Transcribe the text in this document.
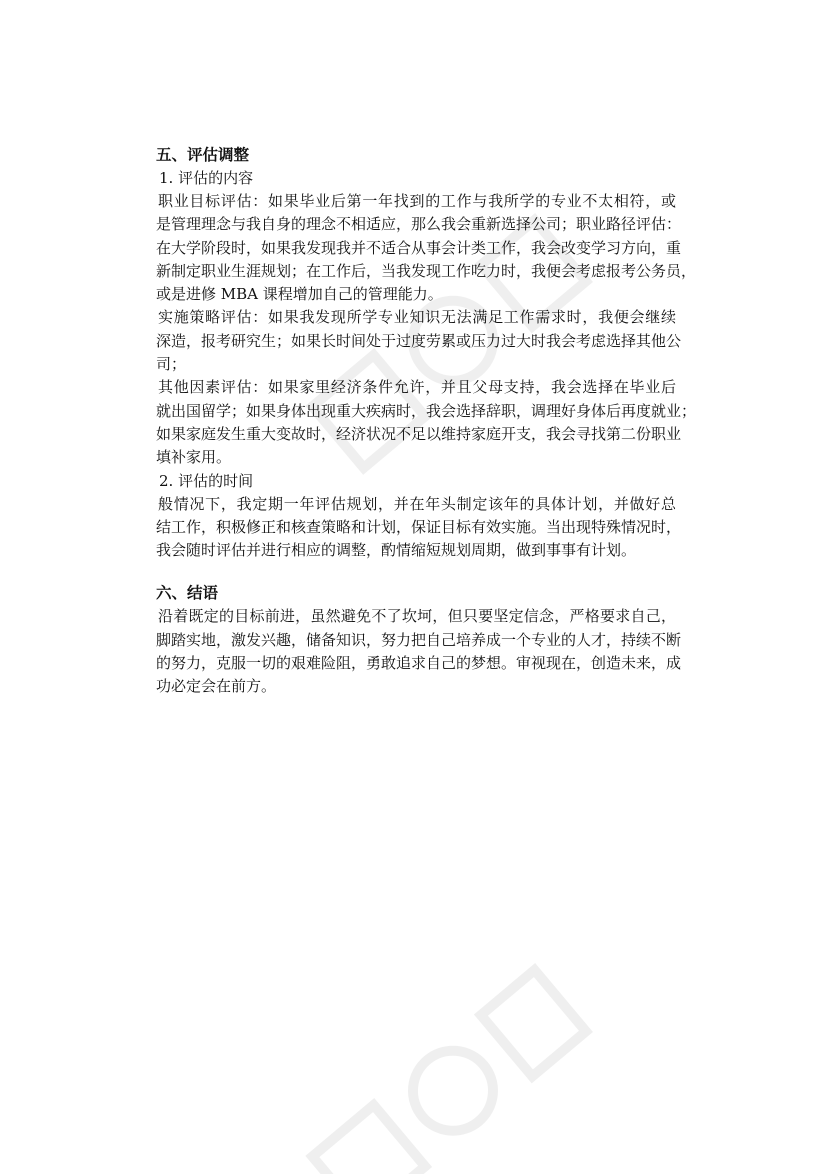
五、评估调整

1. 评估的内容

职业目标评估：如果毕业后第一年找到的工作与我所学的专业不太相符，或
是管理理念与我自身的理念不相适应，那么我会重新选择公司；职业路径评估：
在大学阶段时，如果我发现我并不适合从事会计类工作，我会改变学习方向，重
新制定职业生涯规划；在工作后，当我发现工作吃力时，我便会考虑报考公务员，
或是进修 MBA 课程增加自己的管理能力。

实施策略评估：如果我发现所学专业知识无法满足工作需求时，我便会继续
深造，报考研究生；如果长时间处于过度劳累或压力过大时我会考虑选择其他公
司；

其他因素评估：如果家里经济条件允许，并且父母支持，我会选择在毕业后
就出国留学；如果身体出现重大疾病时，我会选择辞职，调理好身体后再度就业；
如果家庭发生重大变故时，经济状况不足以维持家庭开支，我会寻找第二份职业
填补家用。

2. 评估的时间

般情况下，我定期一年评估规划，并在年头制定该年的具体计划，并做好总
结工作，积极修正和核查策略和计划，保证目标有效实施。当出现特殊情况时，
我会随时评估并进行相应的调整，酌情缩短规划周期，做到事事有计划。

六、结语

沿着既定的目标前进，虽然避免不了坎坷，但只要坚定信念，严格要求自己，
脚踏实地，激发兴趣，储备知识，努力把自己培养成一个专业的人才，持续不断
的努力，克服一切的艰难险阻，勇敢追求自己的梦想。审视现在，创造未来，成
功必定会在前方。
